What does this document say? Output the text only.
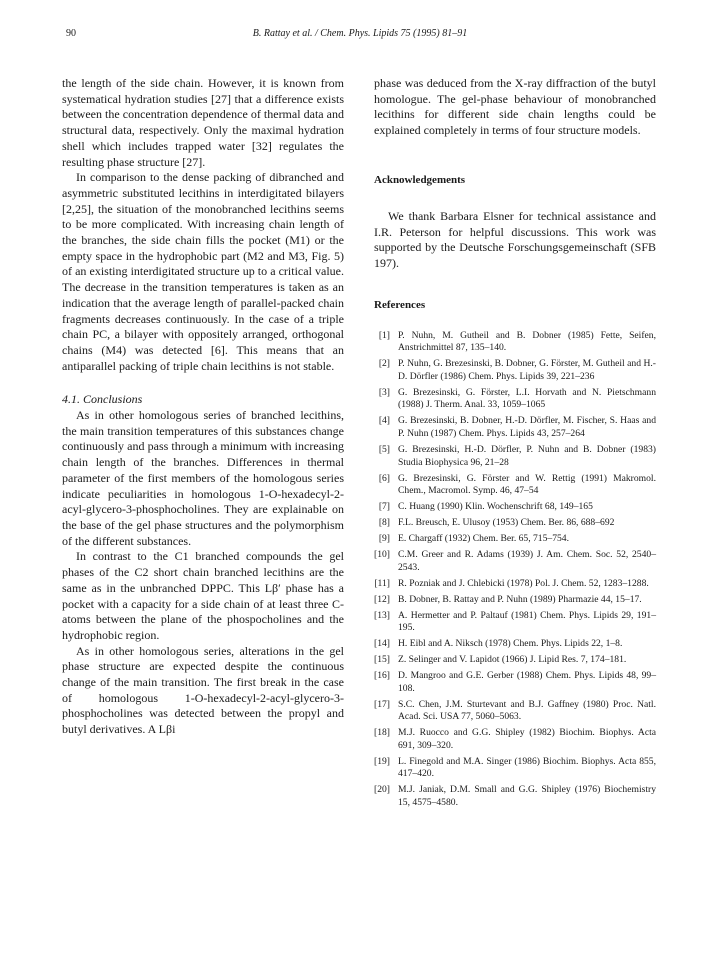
90	B. Rattay et al. / Chem. Phys. Lipids 75 (1995) 81–91

the length of the side chain. However, it is known from systematical hydration studies [27] that a difference exists between the concentration dependence of thermal data and structural data, respectively. Only the maximal hydration shell which includes trapped water [32] regulates the resulting phase structure [27].

In comparison to the dense packing of dibranched and asymmetric substituted lecithins in interdigitated bilayers [2,25], the situation of the monobranched lecithins seems to be more complicated. With increasing chain length of the branches, the side chain fills the pocket (M1) or the empty space in the hydrophobic part (M2 and M3, Fig. 5) of an existing interdigitated structure up to a critical value. The decrease in the transition temperatures is taken as an indication that the average length of parallel-packed chain fragments decreases continuously. In the case of a triple chain PC, a bilayer with oppositely arranged, orthogonal chains (M4) was detected [6]. This means that an antiparallel packing of triple chain lecithins is not stable.

4.1. Conclusions

As in other homologous series of branched lecithins, the main transition temperatures of this substances change continuously and pass through a minimum with increasing chain length of the branches. Differences in thermal parameter of the first members of the homologous series indicate peculiarities in homologous 1-O-hexadecyl-2-acyl-glycero-3-phosphocholines. They are explainable on the base of the gel phase structures and the polymorphism of the different substances.

In contrast to the C1 branched compounds the gel phases of the C2 short chain branched lecithins are the same as in the unbranched DPPC. This Lβ′ phase has a pocket with a capacity for a side chain of at least three C-atoms between the plane of the phospocholines and the hydrophobic region.

As in other homologous series, alterations in the gel phase structure are expected despite the continuous change of the main transition. The first break in the case of homologous 1-O-hexadecyl-2-acyl-glycero-3-phosphocholines was detected between the propyl and butyl derivatives. A Lβi

phase was deduced from the X-ray diffraction of the butyl homologue. The gel-phase behaviour of monobranched lecithins for different side chain lengths could be explained completely in terms of four structure models.

Acknowledgements

We thank Barbara Elsner for technical assistance and I.R. Peterson for helpful discussions. This work was supported by the Deutsche Forschungsgemeinschaft (SFB 197).

References
[1] P. Nuhn, M. Gutheil and B. Dobner (1985) Fette, Seifen, Anstrichmittel 87, 135–140.
[2] P. Nuhn, G. Brezesinski, B. Dobner, G. Förster, M. Gutheil and H.-D. Dörfler (1986) Chem. Phys. Lipids 39, 221–236
[3] G. Brezesinski, G. Förster, L.I. Horvath and N. Pietschmann (1988) J. Therm. Anal. 33, 1059–1065
[4] G. Brezesinski, B. Dobner, H.-D. Dörfler, M. Fischer, S. Haas and P. Nuhn (1987) Chem. Phys. Lipids 43, 257–264
[5] G. Brezesinski, H.-D. Dörfler, P. Nuhn and B. Dobner (1983) Studia Biophysica 96, 21–28
[6] G. Brezesinski, G. Förster and W. Rettig (1991) Makromol. Chem., Macromol. Symp. 46, 47–54
[7] C. Huang (1990) Klin. Wochenschrift 68, 149–165
[8] F.L. Breusch, E. Ulusoy (1953) Chem. Ber. 86, 688–692
[9] E. Chargaff (1932) Chem. Ber. 65, 715–754.
[10] C.M. Greer and R. Adams (1939) J. Am. Chem. Soc. 52, 2540–2543.
[11] R. Pozniak and J. Chlebicki (1978) Pol. J. Chem. 52, 1283–1288.
[12] B. Dobner, B. Rattay and P. Nuhn (1989) Pharmazie 44, 15–17.
[13] A. Hermetter and P. Paltauf (1981) Chem. Phys. Lipids 29, 191–195.
[14] H. Eibl and A. Niksch (1978) Chem. Phys. Lipids 22, 1–8.
[15] Z. Selinger and V. Lapidot (1966) J. Lipid Res. 7, 174–181.
[16] D. Mangroo and G.E. Gerber (1988) Chem. Phys. Lipids 48, 99–108.
[17] S.C. Chen, J.M. Sturtevant and B.J. Gaffney (1980) Proc. Natl. Acad. Sci. USA 77, 5060–5063.
[18] M.J. Ruocco and G.G. Shipley (1982) Biochim. Biophys. Acta 691, 309–320.
[19] L. Finegold and M.A. Singer (1986) Biochim. Biophys. Acta 855, 417–420.
[20] M.J. Janiak, D.M. Small and G.G. Shipley (1976) Biochemistry 15, 4575–4580.
